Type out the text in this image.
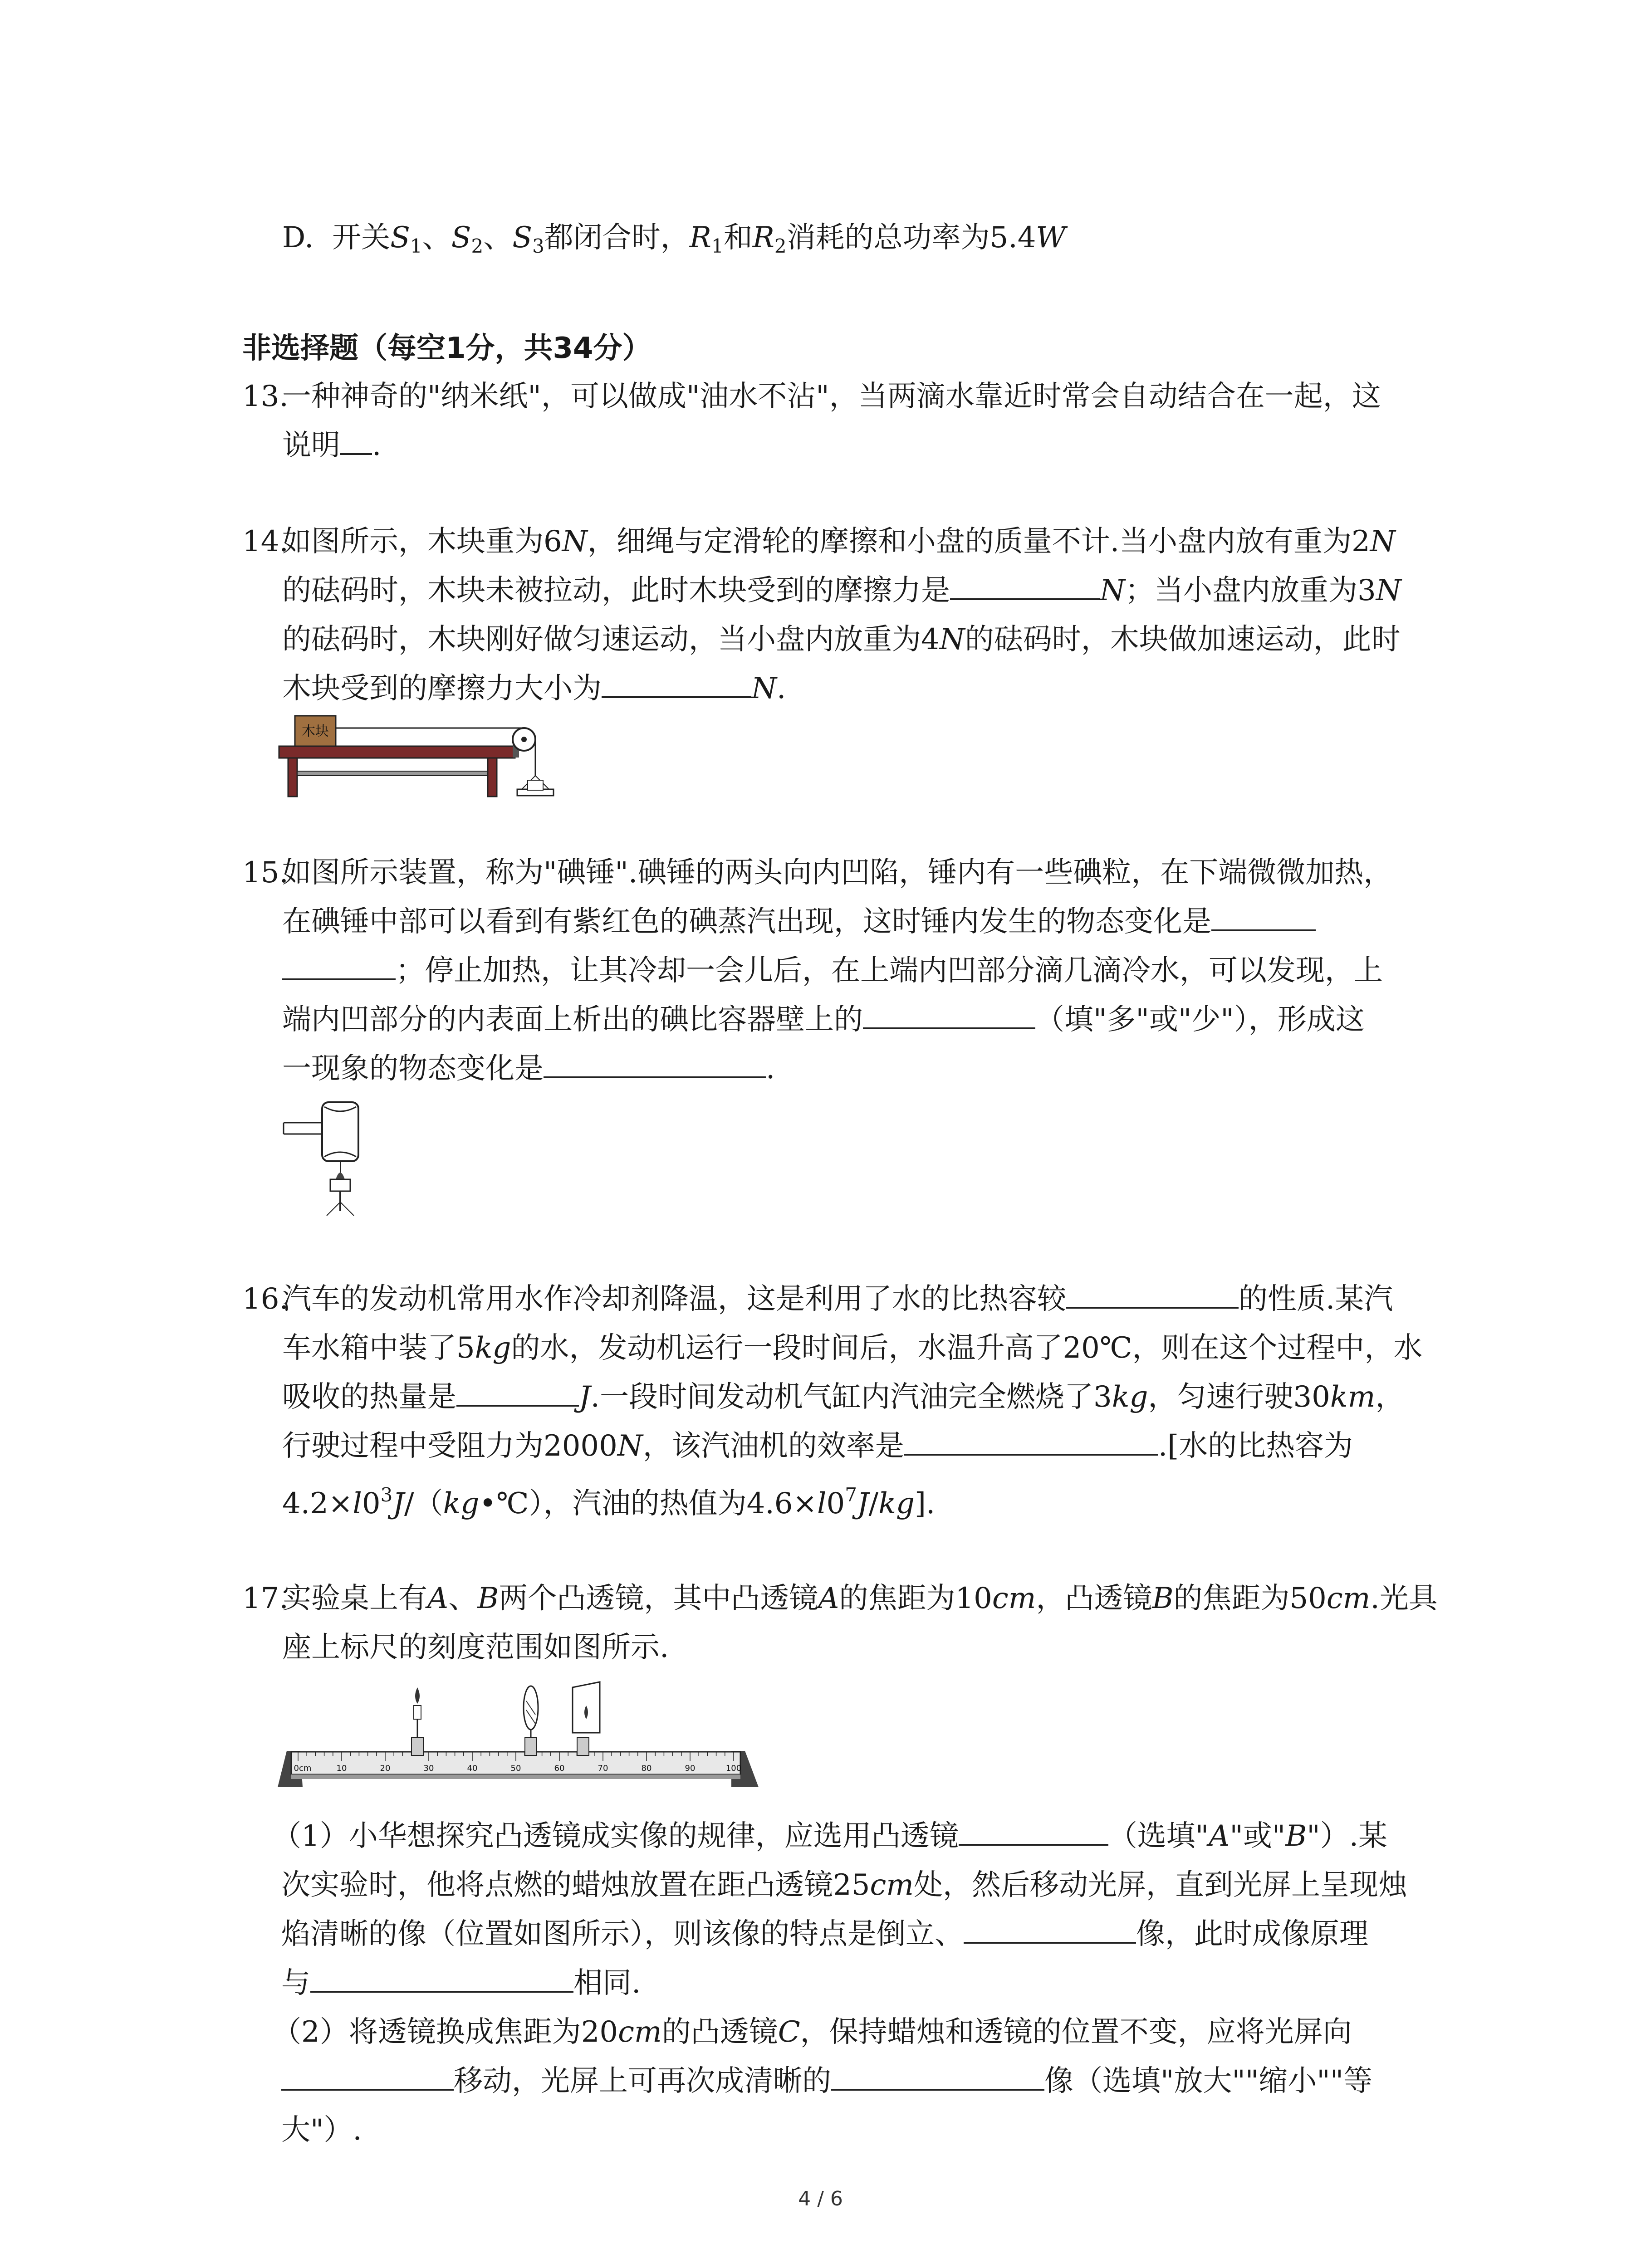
D. 开关$S_1$、$S_2$、$S_3$都闭合时，$R_1$和$R_2$消耗的总功率为5.4W
非选择题（每空1分，共34分）
13.
一种神奇的"纳米纸"，可以做成"油水不沾"，当两滴水靠近时常会自动结合在一起，这
说明 .
14.
如图所示，木块重为6N，细绳与定滑轮的摩擦和小盘的质量不计.当小盘内放有重为2N
的砝码时，木块未被拉动，此时木块受到的摩擦力是	N；当小盘内放重为3N
的砝码时，木块刚好做匀速运动，当小盘内放重为4N的砝码时，木块做加速运动，此时
木块受到的摩擦力大小为	N.
木块
15.
如图所示装置，称为"碘锤".碘锤的两头向内凹陷，锤内有一些碘粒，在下端微微加热，
在碘锤中部可以看到有紫红色的碘蒸汽出现，这时锤内发生的物态变化是
；停止加热，让其冷却一会儿后，在上端内凹部分滴几滴冷水，可以发现，上
端内凹部分的内表面上析出的碘比容器壁上的	（填"多"或"少"），形成这
一现象的物态变化是	.
16.
汽车的发动机常用水作冷却剂降温，这是利用了水的比热容较	的性质.某汽
车水箱中装了5kg的水，发动机运行一段时间后，水温升高了20℃，则在这个过程中，水
吸收的热量是	J.一段时间发动机气缸内汽油完全燃烧了3kg，匀速行驶30km，
行驶过程中受阻力为2000N，该汽油机的效率是	.[水的比热容为
$4.2\times l0^3J/(kg•℃)$，汽油的热值为$4.6\times l0^7J/kg$].
17.
实验桌上有A、B两个凸透镜，其中凸透镜A的焦距为10cm，凸透镜B的焦距为50cm.光具
座上标尺的刻度范围如图所示.
0cm	10	20	30	40	50	60	70	80	90	100
（1）小华想探究凸透镜成实像的规律，应选用凸透镜	（选填"A"或"B"）.某
次实验时，他将点燃的蜡烛放置在距凸透镜25cm处，然后移动光屏，直到光屏上呈现烛
焰清晰的像（位置如图所示），则该像的特点是倒立、	像，此时成像原理
与	相同.
（2）将透镜换成焦距为20cm的凸透镜C，保持蜡烛和透镜的位置不变，应将光屏向
移动，光屏上可再次成清晰的	像（选填"放大""缩小""等
大"）.
4 / 6
